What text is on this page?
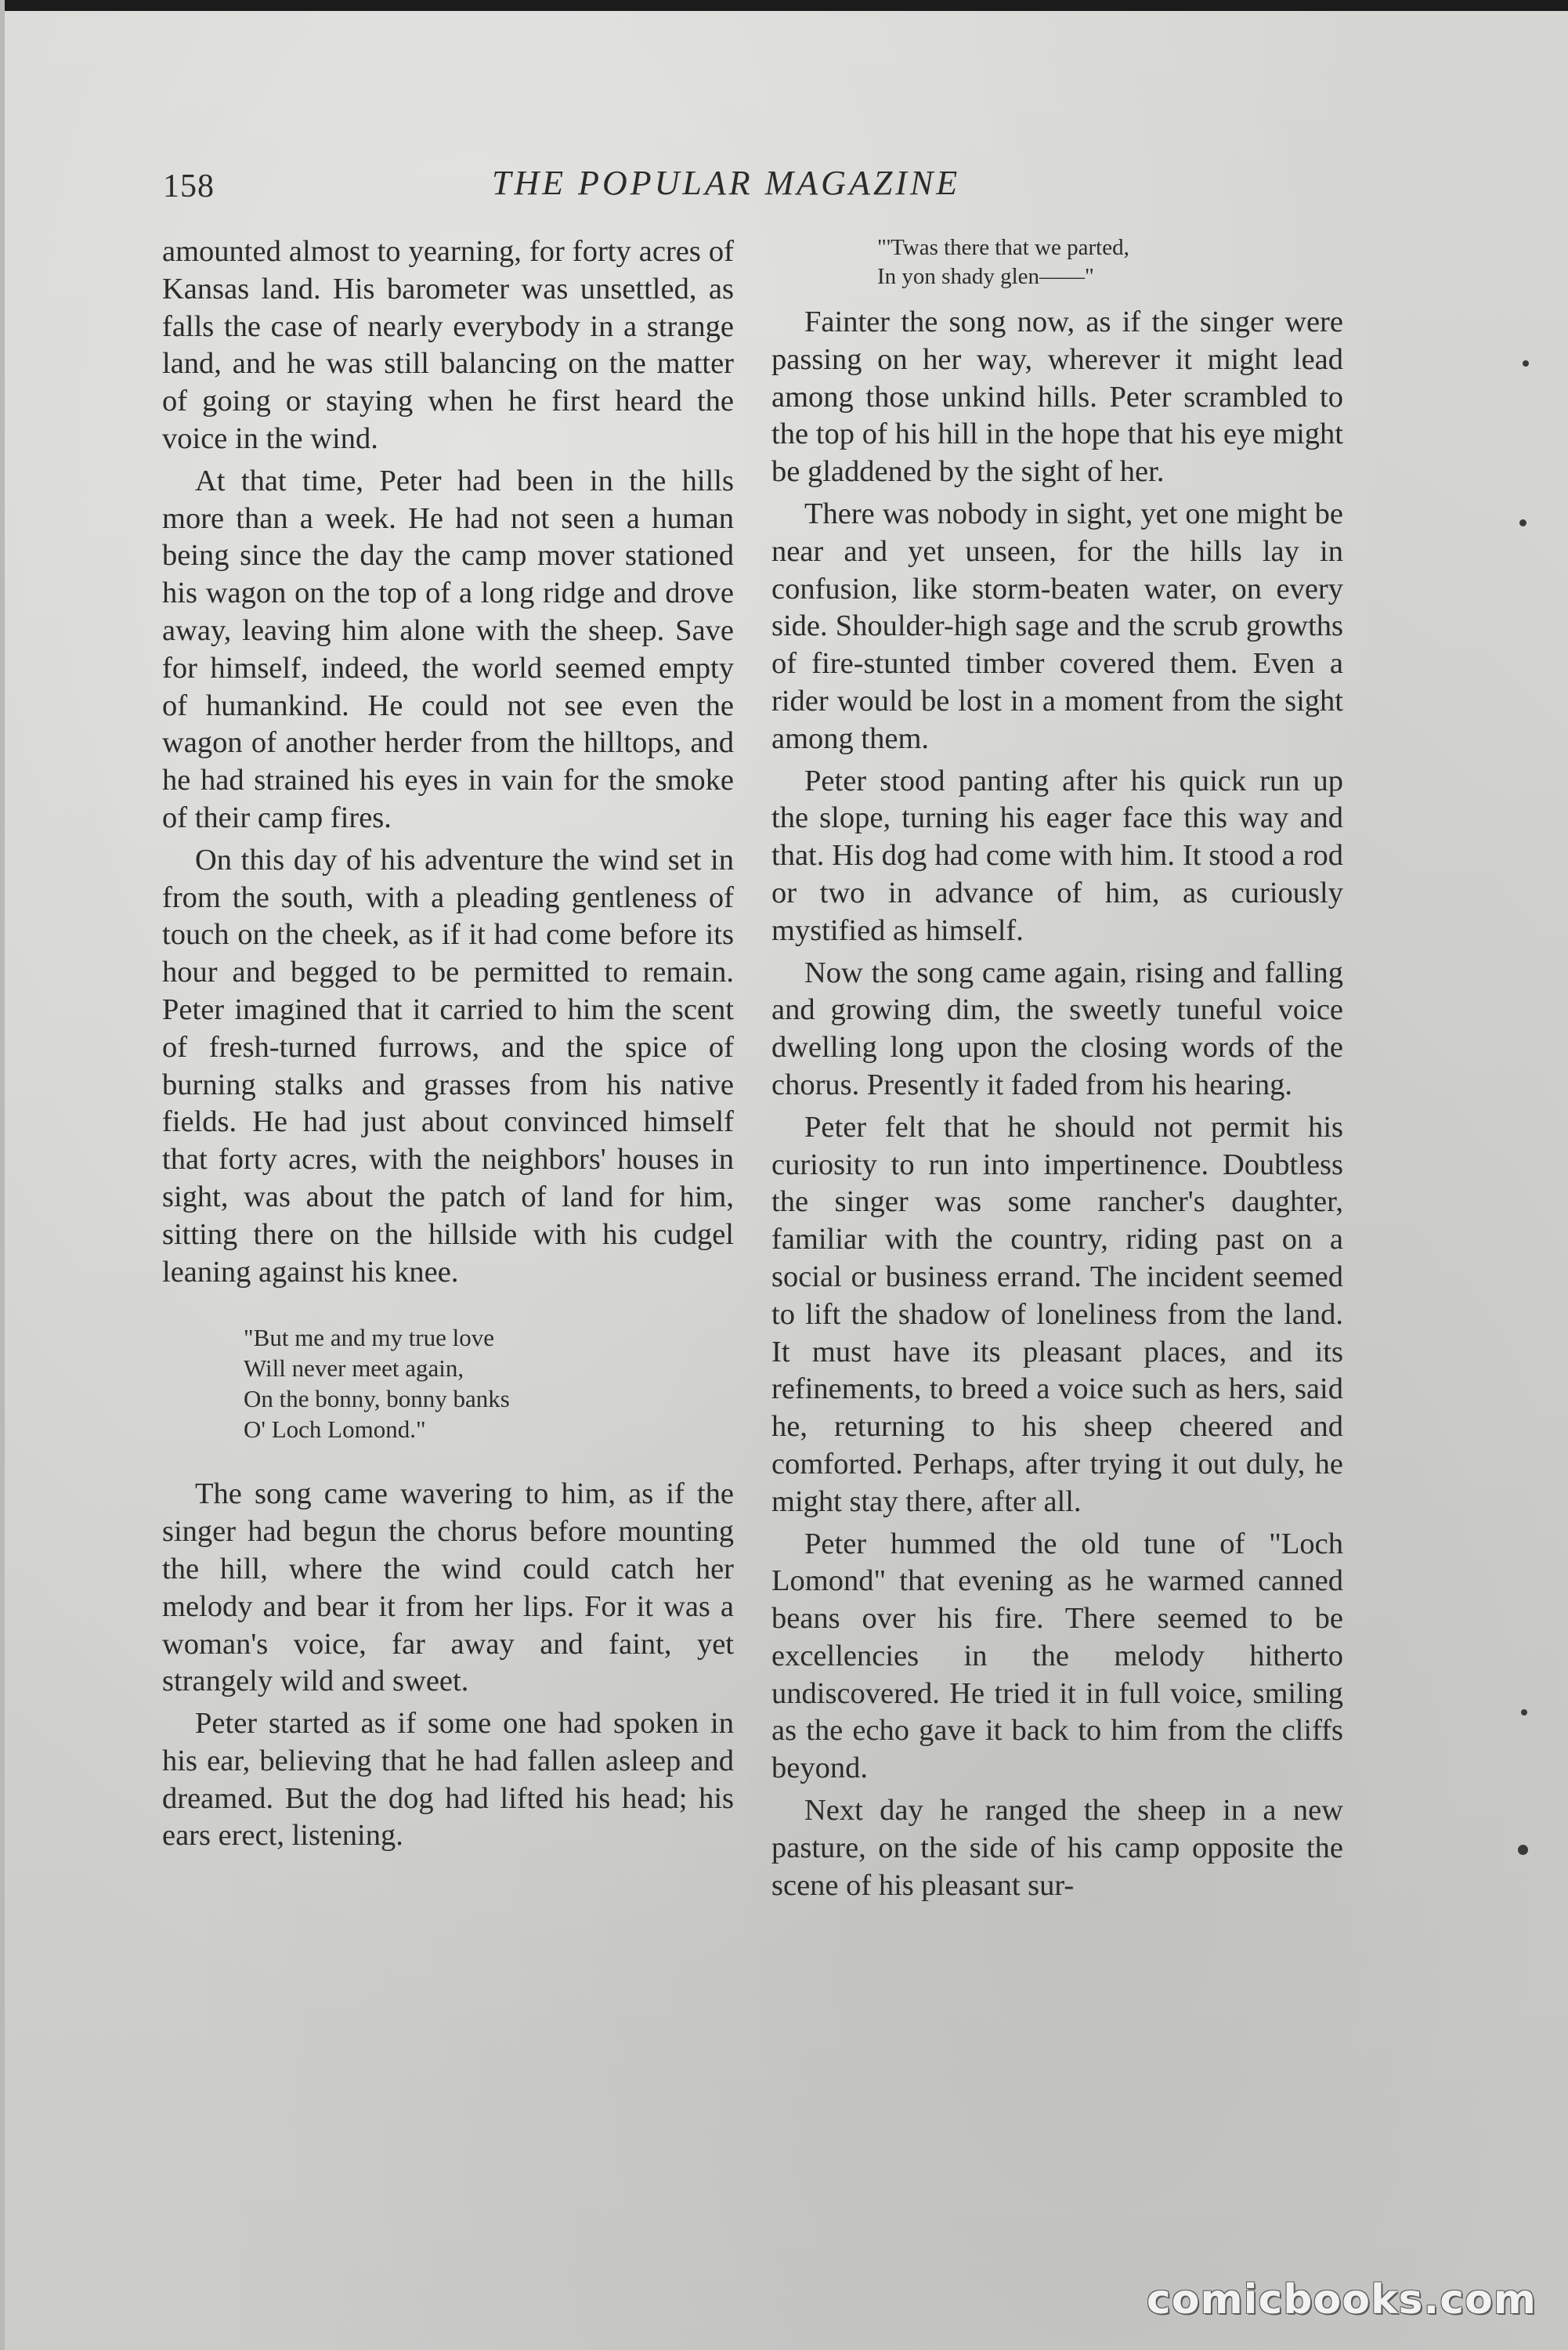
158	THE POPULAR MAGAZINE

amounted almost to yearning, for forty acres of Kansas land. His barometer was unsettled, as falls the case of nearly everybody in a strange land, and he was still balancing on the matter of going or staying when he first heard the voice in the wind.

At that time, Peter had been in the hills more than a week. He had not seen a human being since the day the camp mover stationed his wagon on the top of a long ridge and drove away, leaving him alone with the sheep. Save for himself, indeed, the world seemed empty of humankind. He could not see even the wagon of another herder from the hilltops, and he had strained his eyes in vain for the smoke of their camp fires.

On this day of his adventure the wind set in from the south, with a pleading gentleness of touch on the cheek, as if it had come before its hour and begged to be permitted to remain. Peter imagined that it carried to him the scent of fresh-turned furrows, and the spice of burning stalks and grasses from his native fields. He had just about convinced himself that forty acres, with the neighbors' houses in sight, was about the patch of land for him, sitting there on the hillside with his cudgel leaning against his knee.

"But me and my true love
Will never meet again,
On the bonny, bonny banks
O' Loch Lomond."

The song came wavering to him, as if the singer had begun the chorus before mounting the hill, where the wind could catch her melody and bear it from her lips. For it was a woman's voice, far away and faint, yet strangely wild and sweet.

Peter started as if some one had spoken in his ear, believing that he had fallen asleep and dreamed. But the dog had lifted his head; his ears erect, listening.

"'Twas there that we parted,
In yon shady glen——"

Fainter the song now, as if the singer were passing on her way, wherever it might lead among those unkind hills. Peter scrambled to the top of his hill in the hope that his eye might be gladdened by the sight of her.

There was nobody in sight, yet one might be near and yet unseen, for the hills lay in confusion, like storm-beaten water, on every side. Shoulder-high sage and the scrub growths of fire-stunted timber covered them. Even a rider would be lost in a moment from the sight among them.

Peter stood panting after his quick run up the slope, turning his eager face this way and that. His dog had come with him. It stood a rod or two in advance of him, as curiously mystified as himself.

Now the song came again, rising and falling and growing dim, the sweetly tuneful voice dwelling long upon the closing words of the chorus. Presently it faded from his hearing.

Peter felt that he should not permit his curiosity to run into impertinence. Doubtless the singer was some rancher's daughter, familiar with the country, riding past on a social or business errand. The incident seemed to lift the shadow of loneliness from the land. It must have its pleasant places, and its refinements, to breed a voice such as hers, said he, returning to his sheep cheered and comforted. Perhaps, after trying it out duly, he might stay there, after all.

Peter hummed the old tune of "Loch Lomond" that evening as he warmed canned beans over his fire. There seemed to be excellencies in the melody hitherto undiscovered. He tried it in full voice, smiling as the echo gave it back to him from the cliffs beyond.

Next day he ranged the sheep in a new pasture, on the side of his camp opposite the scene of his pleasant sur-

comicbooks.com
